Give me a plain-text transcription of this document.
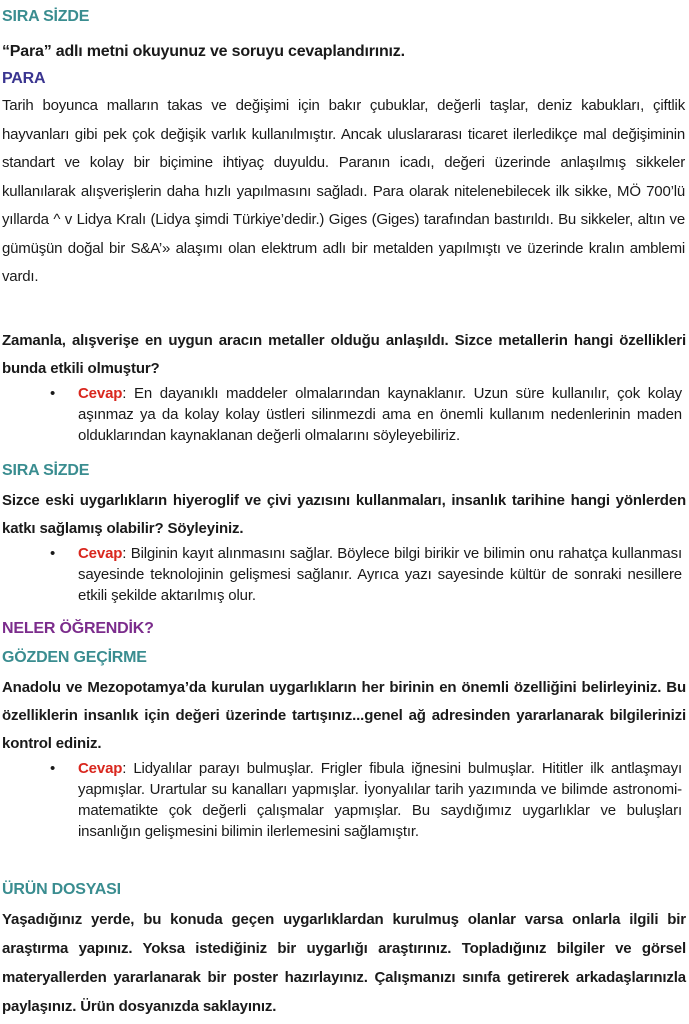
SIRA SİZDE

“Para” adlı metni okuyunuz ve soruyu cevaplandırınız.

PARA

Tarih boyunca malların takas ve değişimi için bakır çubuklar, değerli taşlar, deniz kabukları, çiftlik hayvanları gibi pek çok değişik varlık kullanılmıştır. Ancak uluslararası ticaret ilerledikçe mal değişiminin standart ve kolay bir biçimine ihtiyaç duyuldu. Paranın icadı, değeri üzerinde anlaşılmış sikkeler kullanılarak alışverişlerin daha hızlı yapılmasını sağladı. Para olarak nitelenebilecek ilk sikke, MÖ 700’lü yıllarda ^ v Lidya Kralı (Lidya şimdi Türkiye’dedir.) Giges (Giges) tarafından bastırıldı. Bu sikkeler, altın ve gümüşün doğal bir S&A’» alaşımı olan elektrum adlı bir metalden yapılmıştı ve üzerinde kralın amblemi vardı.

Zamanla, alışverişe en uygun aracın metaller olduğu anlaşıldı. Sizce metallerin hangi özellikleri bunda etkili olmuştur?

•	Cevap: En dayanıklı maddeler olmalarından kaynaklanır. Uzun süre kullanılır, çok kolay aşınmaz ya da kolay kolay üstleri silinmezdi ama en önemli kullanım nedenlerinin maden olduklarından kaynaklanan değerli olmalarını söyleyebiliriz.

SIRA SİZDE

Sizce eski uygarlıkların hiyeroglif ve çivi yazısını kullanmaları, insanlık tarihine hangi yönlerden katkı sağlamış olabilir? Söyleyiniz.

•	Cevap: Bilginin kayıt alınmasını sağlar. Böylece bilgi birikir ve bilimin onu rahatça kullanması sayesinde teknolojinin gelişmesi sağlanır. Ayrıca yazı sayesinde kültür de sonraki nesillere etkili şekilde aktarılmış olur.

NELER ÖĞRENDİK?

GÖZDEN GEÇİRME

Anadolu ve Mezopotamya’da kurulan uygarlıkların her birinin en önemli özelliğini belirleyiniz. Bu özelliklerin insanlık için değeri üzerinde tartışınız...genel ağ adresinden yararlanarak bilgilerinizi kontrol ediniz.

•	Cevap: Lidyalılar parayı bulmuşlar. Frigler fibula iğnesini bulmuşlar. Hititler ilk antlaşmayı yapmışlar. Urartular su kanalları yapmışlar. İyonyalılar tarih yazımında ve bilimde astronomi-matematikte çok değerli çalışmalar yapmışlar. Bu saydığımız uygarlıklar ve buluşları insanlığın gelişmesini bilimin ilerlemesini sağlamıştır.

ÜRÜN DOSYASI

Yaşadığınız yerde, bu konuda geçen uygarlıklardan kurulmuş olanlar varsa onlarla ilgili bir araştırma yapınız. Yoksa istediğiniz bir uygarlığı araştırınız. Topladığınız bilgiler ve görsel materyallerden yararlanarak bir poster hazırlayınız. Çalışmanızı sınıfa getirerek arkadaşlarınızla paylaşınız. Ürün dosyanızda saklayınız.
